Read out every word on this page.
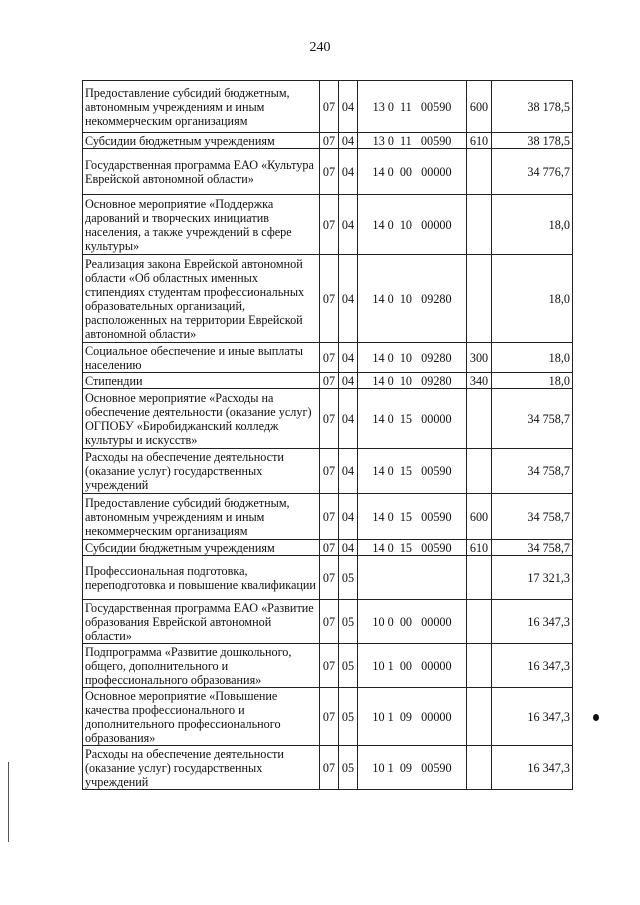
240
Предоставление субсидий бюджетным, автономным учреждениям и иным некоммерческим организациям	07	04	13 0  11   00590	600	38 178,5
Субсидии бюджетным учреждениям	07	04	13 0  11   00590	610	38 178,5
Государственная программа ЕАО «Культура Еврейской автономной области»	07	04	14 0  00   00000		34 776,7
Основное мероприятие «Поддержка дарований и творческих инициатив населения, а также учреждений в сфере культуры»	07	04	14 0  10   00000		18,0
Реализация закона Еврейской автономной области «Об областных именных стипендиях студентам профессиональных образовательных организаций, расположенных на территории Еврейской автономной области»	07	04	14 0  10   09280		18,0
Социальное обеспечение и иные выплаты населению	07	04	14 0  10   09280	300	18,0
Стипендии	07	04	14 0  10   09280	340	18,0
Основное мероприятие «Расходы на обеспечение деятельности (оказание услуг) ОГПОБУ «Биробиджанский колледж культуры и искусств»	07	04	14 0  15   00000		34 758,7
Расходы на обеспечение деятельности (оказание услуг) государственных учреждений	07	04	14 0  15   00590		34 758,7
Предоставление субсидий бюджетным, автономным учреждениям и иным некоммерческим организациям	07	04	14 0  15   00590	600	34 758,7
Субсидии бюджетным учреждениям	07	04	14 0  15   00590	610	34 758,7
Профессиональная подготовка, переподготовка и повышение квалификации	07	05			17 321,3
Государственная программа ЕАО «Развитие образования Еврейской автономной области»	07	05	10 0  00   00000		16 347,3
Подпрограмма «Развитие дошкольного, общего, дополнительного и профессионального образования»	07	05	10 1  00   00000		16 347,3
Основное мероприятие «Повышение качества профессионального и дополнительного профессионального образования»	07	05	10 1  09   00000		16 347,3
Расходы на обеспечение деятельности (оказание услуг) государственных учреждений	07	05	10 1  09   00590		16 347,3
